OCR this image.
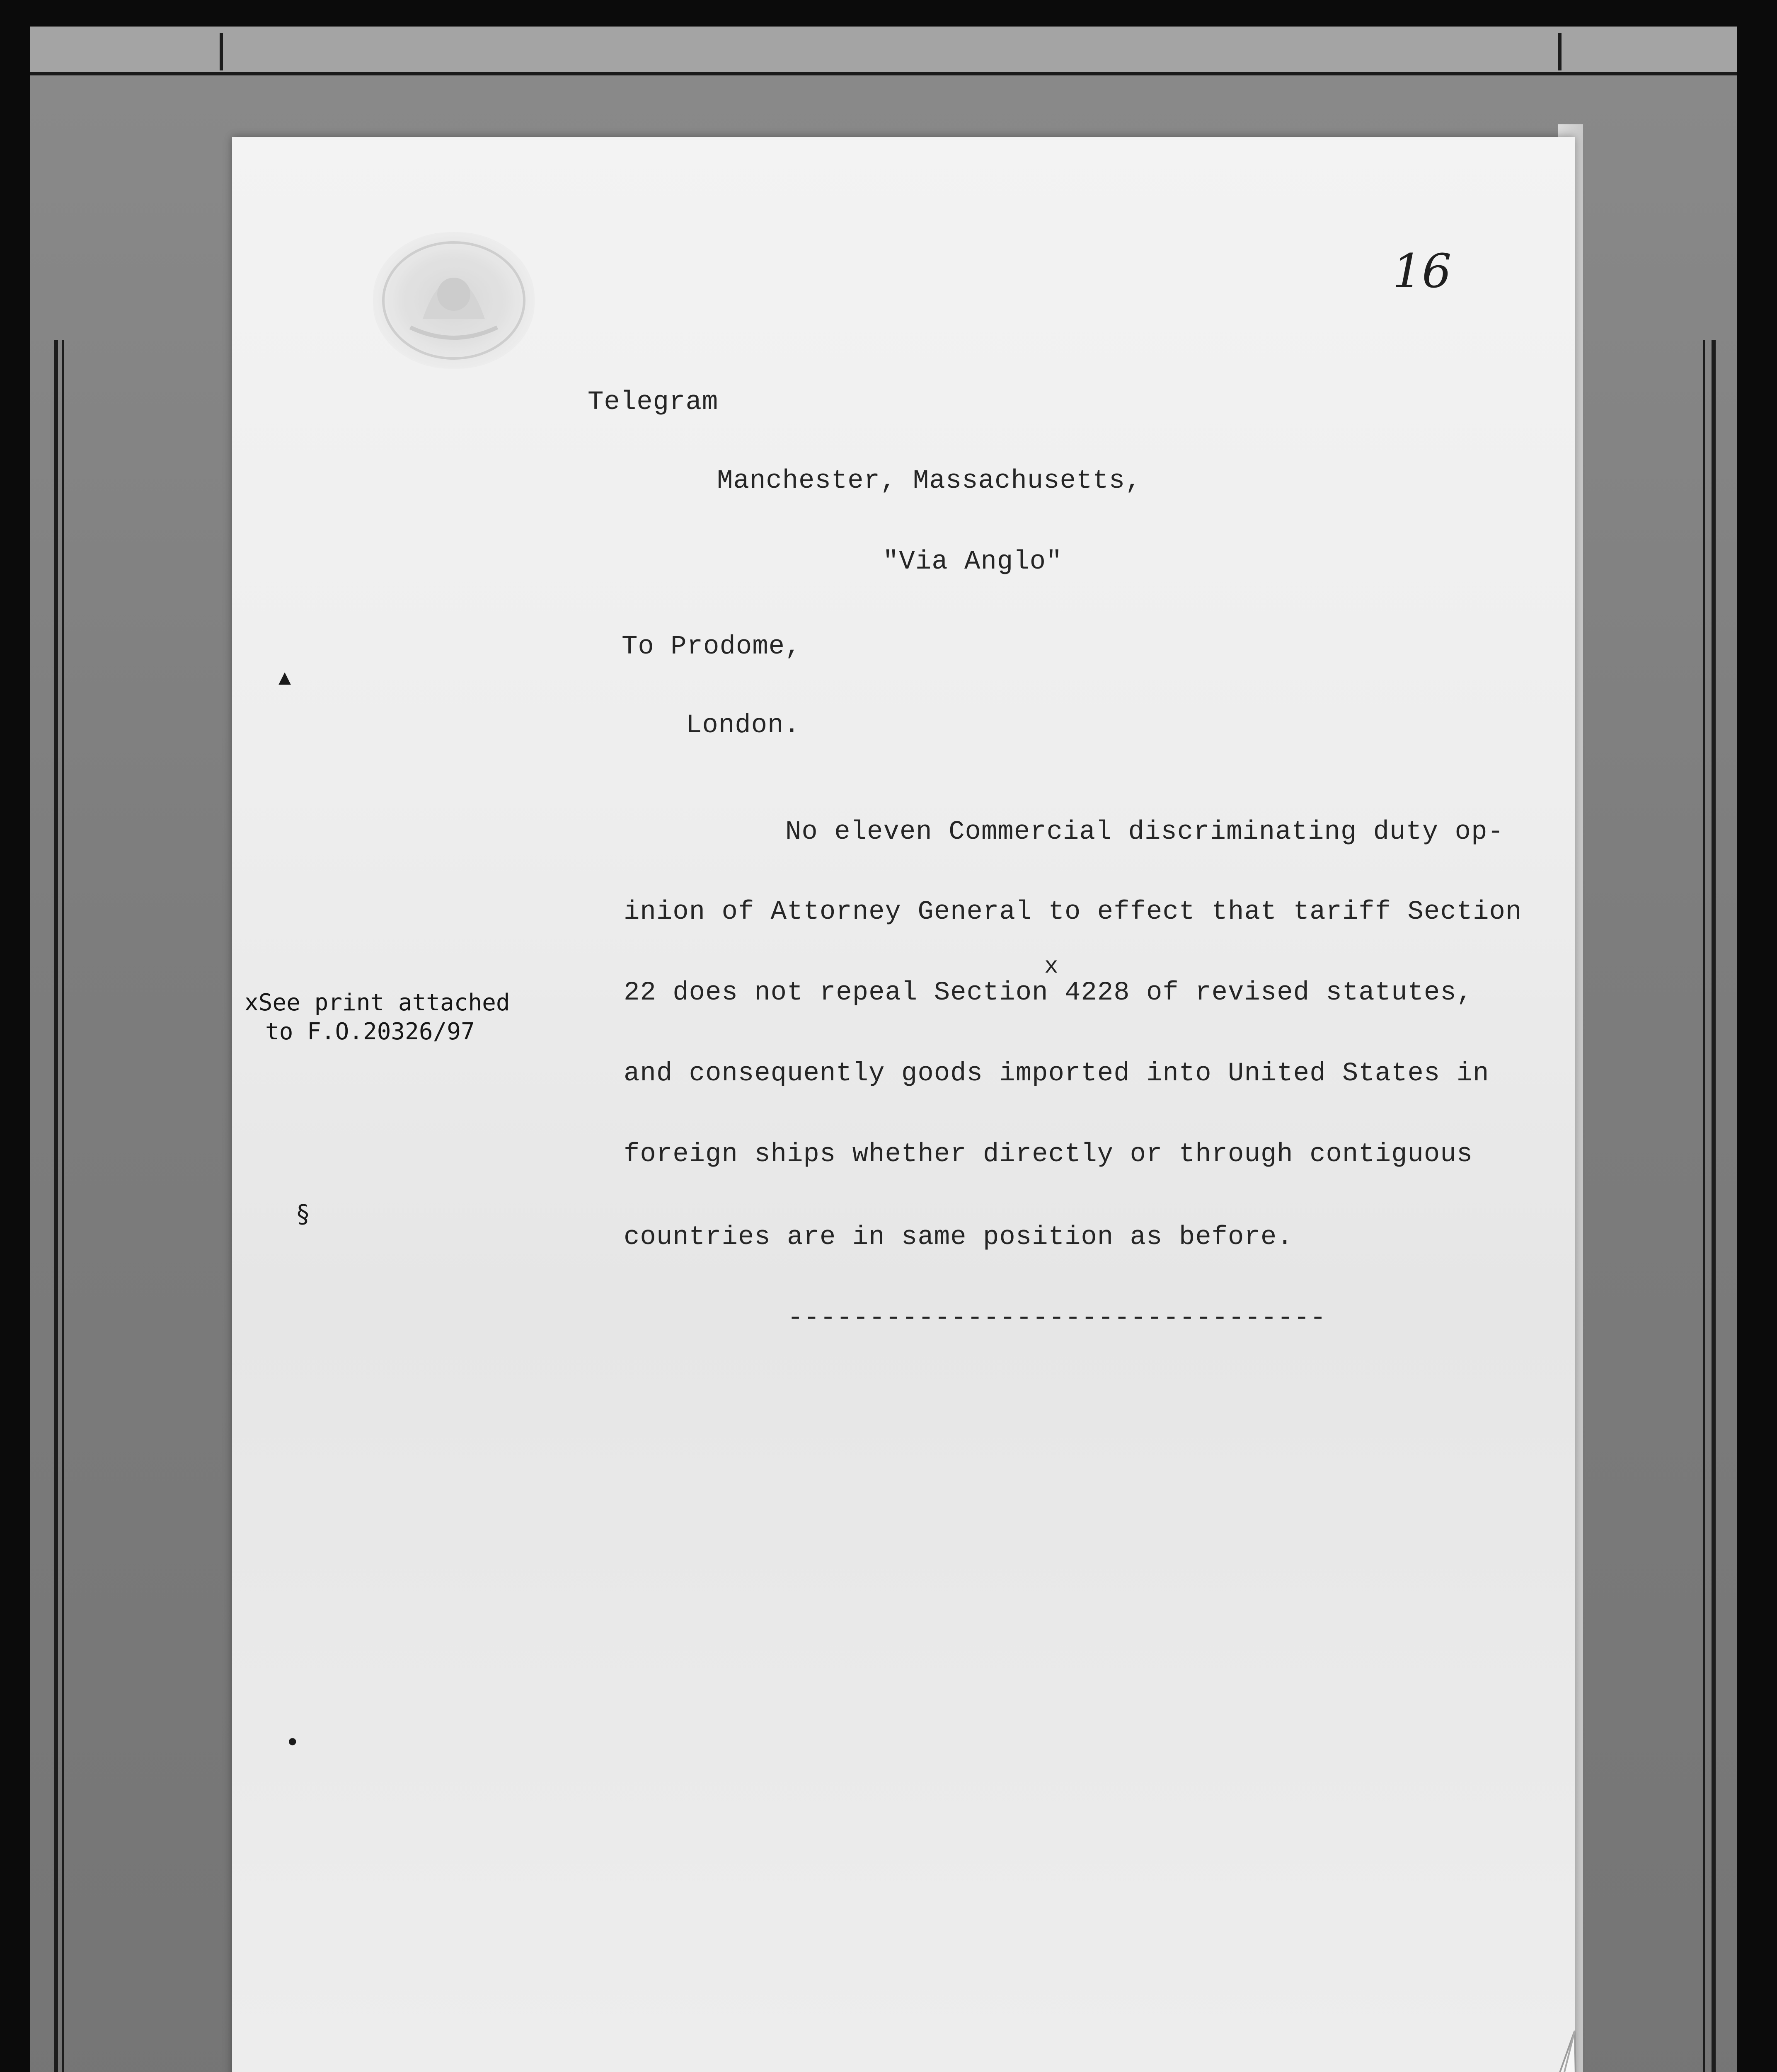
16
Telegram
Manchester, Massachusetts,
"Via Anglo"
To Prodome,
London.
No eleven Commercial discriminating duty op-
inion of Attorney General to effect that tariff Section
x
22 does not repeal Section 4228 of revised statutes,
and consequently goods imported into United States in
foreign ships whether directly or through contiguous
countries are in same position as before.
---------------------------------
xSee print attached
to F.O.20326/97
▴
§
•
